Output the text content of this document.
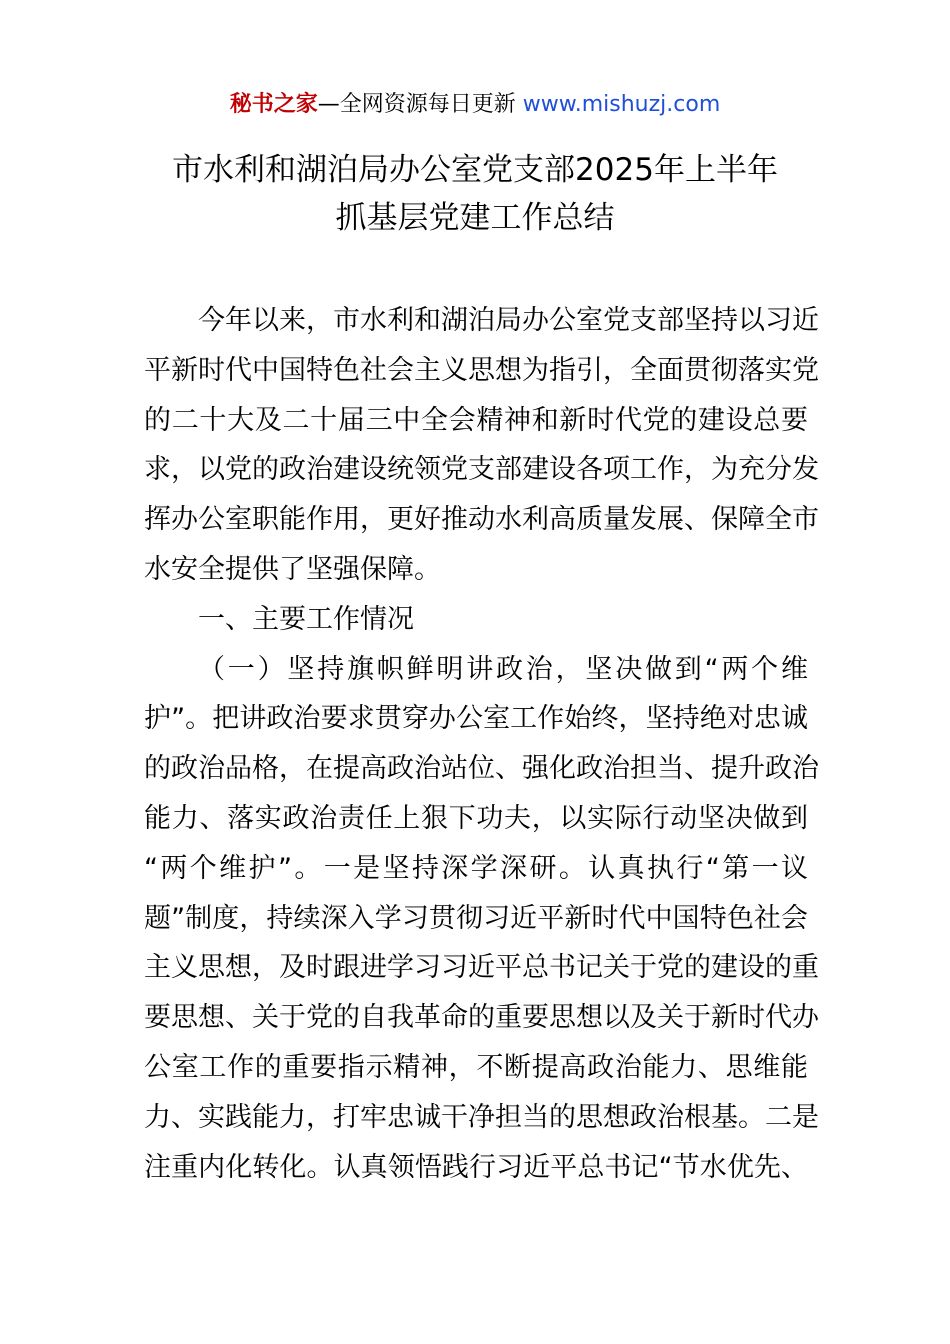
秘书之家—全网资源每日更新 www.mishuzj.com
市水利和湖泊局办公室党支部2025年上半年
抓基层党建工作总结
今年以来，市水利和湖泊局办公室党支部坚持以习近
平新时代中国特色社会主义思想为指引，全面贯彻落实党
的二十大及二十届三中全会精神和新时代党的建设总要
求，以党的政治建设统领党支部建设各项工作，为充分发
挥办公室职能作用，更好推动水利高质量发展、保障全市
水安全提供了坚强保障。
一、主要工作情况
（一）坚持旗帜鲜明讲政治，坚决做到“两个维
护”。把讲政治要求贯穿办公室工作始终，坚持绝对忠诚
的政治品格，在提高政治站位、强化政治担当、提升政治
能力、落实政治责任上狠下功夫，以实际行动坚决做到
“两个维护”。一是坚持深学深研。认真执行“第一议
题”制度，持续深入学习贯彻习近平新时代中国特色社会
主义思想，及时跟进学习习近平总书记关于党的建设的重
要思想、关于党的自我革命的重要思想以及关于新时代办
公室工作的重要指示精神，不断提高政治能力、思维能
力、实践能力，打牢忠诚干净担当的思想政治根基。二是
注重内化转化。认真领悟践行习近平总书记“节水优先、
